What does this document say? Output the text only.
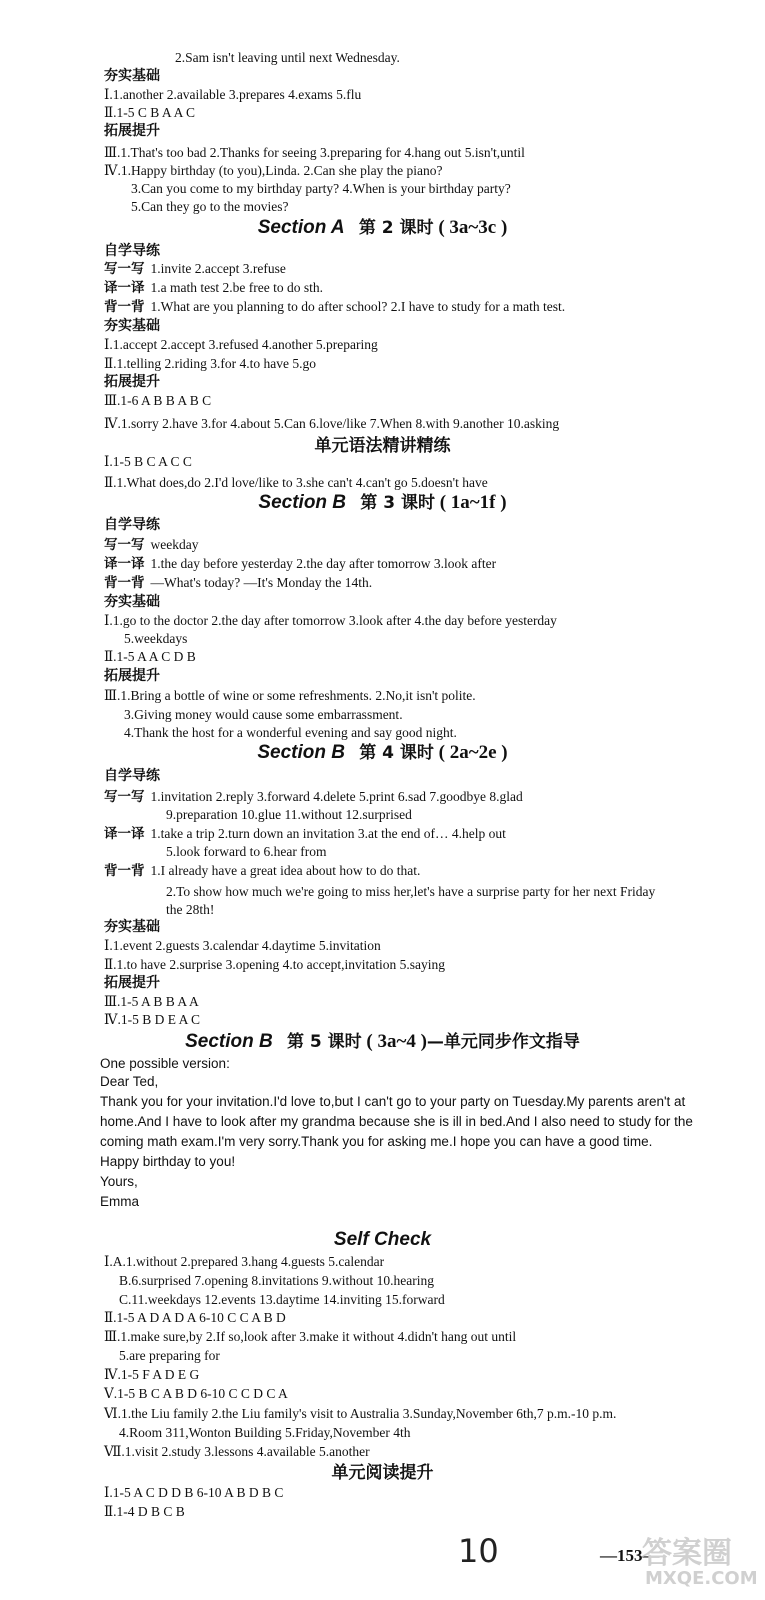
2.Sam isn't leaving until next Wednesday.
夯实基础
Ⅰ.1.another 2.available 3.prepares 4.exams 5.flu
Ⅱ.1-5 C B A A C
拓展提升
Ⅲ.1.That's too bad 2.Thanks for seeing 3.preparing for 4.hang out 5.isn't,until
Ⅳ.1.Happy birthday (to you),Linda. 2.Can she play the piano?
3.Can you come to my birthday party? 4.When is your birthday party?
5.Can they go to the movies?
Section A 第 2 课时 ( 3a~3c )
自学导练
写一写 1.invite 2.accept 3.refuse
译一译 1.a math test 2.be free to do sth.
背一背 1.What are you planning to do after school? 2.I have to study for a math test.
夯实基础
Ⅰ.1.accept 2.accept 3.refused 4.another 5.preparing
Ⅱ.1.telling 2.riding 3.for 4.to have 5.go
拓展提升
Ⅲ.1-6 A B B A B C
Ⅳ.1.sorry 2.have 3.for 4.about 5.Can 6.love/like 7.When 8.with 9.another 10.asking
单元语法精讲精练
Ⅰ.1-5 B C A C C
Ⅱ.1.What does,do 2.I'd love/like to 3.she can't 4.can't go 5.doesn't have
Section B 第 3 课时 ( 1a~1f )
自学导练
写一写 weekday
译一译 1.the day before yesterday 2.the day after tomorrow 3.look after
背一背 —What's today? —It's Monday the 14th.
夯实基础
Ⅰ.1.go to the doctor 2.the day after tomorrow 3.look after 4.the day before yesterday
5.weekdays
Ⅱ.1-5 A A C D B
拓展提升
Ⅲ.1.Bring a bottle of wine or some refreshments. 2.No,it isn't polite.
3.Giving money would cause some embarrassment.
4.Thank the host for a wonderful evening and say good night.
Section B 第 4 课时 ( 2a~2e )
自学导练
写一写 1.invitation 2.reply 3.forward 4.delete 5.print 6.sad 7.goodbye 8.glad
9.preparation 10.glue 11.without 12.surprised
译一译 1.take a trip 2.turn down an invitation 3.at the end of… 4.help out
5.look forward to 6.hear from
背一背 1.I already have a great idea about how to do that.
2.To show how much we're going to miss her,let's have a surprise party for her next Friday
the 28th!
夯实基础
Ⅰ.1.event 2.guests 3.calendar 4.daytime 5.invitation
Ⅱ.1.to have 2.surprise 3.opening 4.to accept,invitation 5.saying
拓展提升
Ⅲ.1-5 A B B A A
Ⅳ.1-5 B D E A C
Section B 第 5 课时 ( 3a~4 )—单元同步作文指导
One possible version:
Dear Ted,
Thank you for your invitation.I'd love to,but I can't go to your party on Tuesday.My parents aren't at
home.And I have to look after my grandma because she is ill in bed.And I also need to study for the
coming math exam.I'm very sorry.Thank you for asking me.I hope you can have a good time.
Happy birthday to you!
Yours,
Emma
Self Check
Ⅰ.A.1.without 2.prepared 3.hang 4.guests 5.calendar
B.6.surprised 7.opening 8.invitations 9.without 10.hearing
C.11.weekdays 12.events 13.daytime 14.inviting 15.forward
Ⅱ.1-5 A D A D A 6-10 C C A B D
Ⅲ.1.make sure,by 2.If so,look after 3.make it without 4.didn't hang out until
5.are preparing for
Ⅳ.1-5 F A D E G
Ⅴ.1-5 B C A B D 6-10 C C D C A
Ⅵ.1.the Liu family 2.the Liu family's visit to Australia 3.Sunday,November 6th,7 p.m.-10 p.m.
4.Room 311,Wonton Building 5.Friday,November 4th
Ⅶ.1.visit 2.study 3.lessons 4.available 5.another
单元阅读提升
Ⅰ.1-5 A C D D B 6-10 A B D B C
Ⅱ.1-4 D B C B
10	—153—
答案圈
MXQE.COM
